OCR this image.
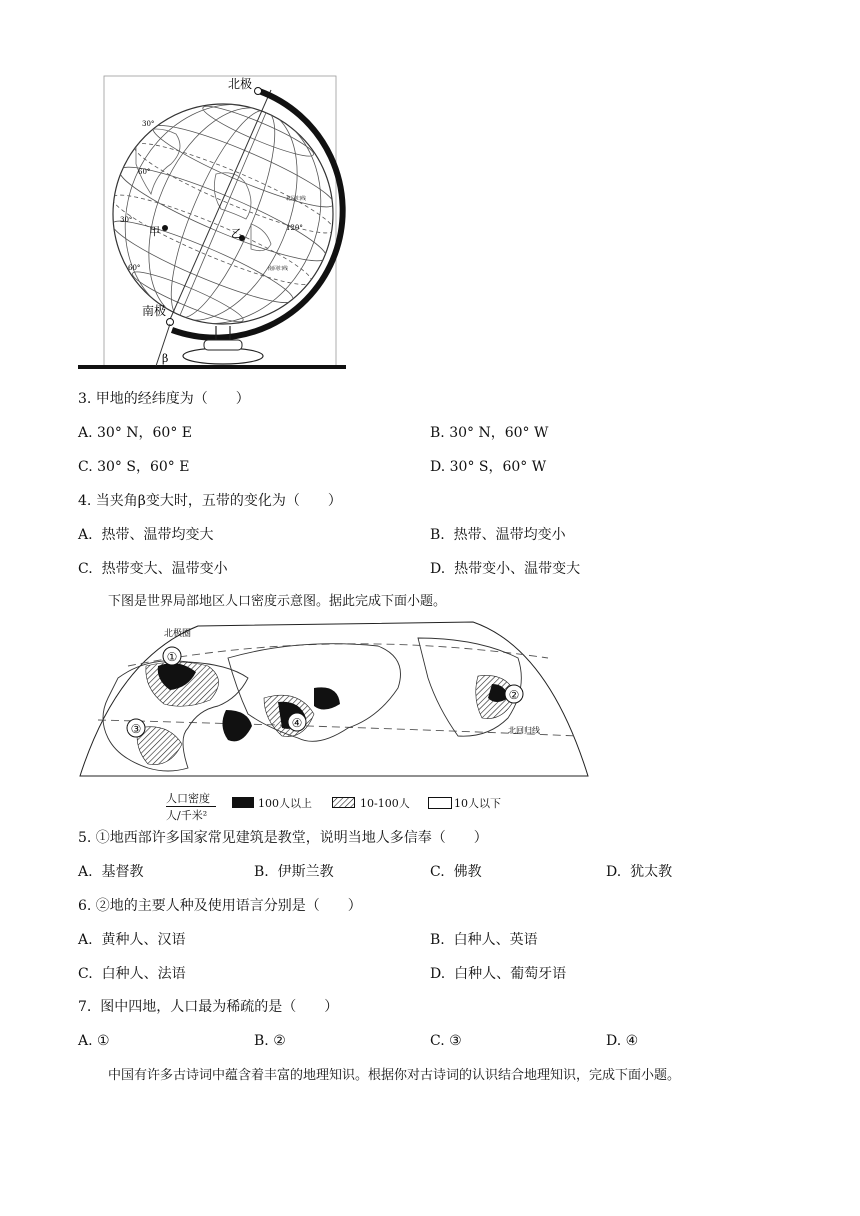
北极
南极
甲	乙
β
30°
60°
30°
60°
120°
北回归线
南回归线
3. 甲地的经纬度为（　　）
A. 30° N，60° E	B. 30° N，60° W
C. 30° S，60° E	D. 30° S，60° W
4. 当夹角β变大时，五带的变化为（　　）
A.  热带、温带均变大	B.  热带、温带均变小
C.  热带变大、温带变小	D.  热带变小、温带变大
下图是世界局部地区人口密度示意图。据此完成下面小题。
①
②
③	④
北极圈
北回归线
人口密度
人/千米²
100人以上	10-100人	10人以下
5. ①地西部许多国家常见建筑是教堂，说明当地人多信奉（　　）
A.  基督教	B.  伊斯兰教	C.  佛教	D.  犹太教
6. ②地的主要人种及使用语言分别是（　　）
A.  黄种人、汉语	B.  白种人、英语
C.  白种人、法语	D.  白种人、葡萄牙语
7.  图中四地，人口最为稀疏的是（　　）
A. ①	B. ②	C. ③	D. ④
中国有许多古诗词中蕴含着丰富的地理知识。根据你对古诗词的认识结合地理知识，完成下面小题。
